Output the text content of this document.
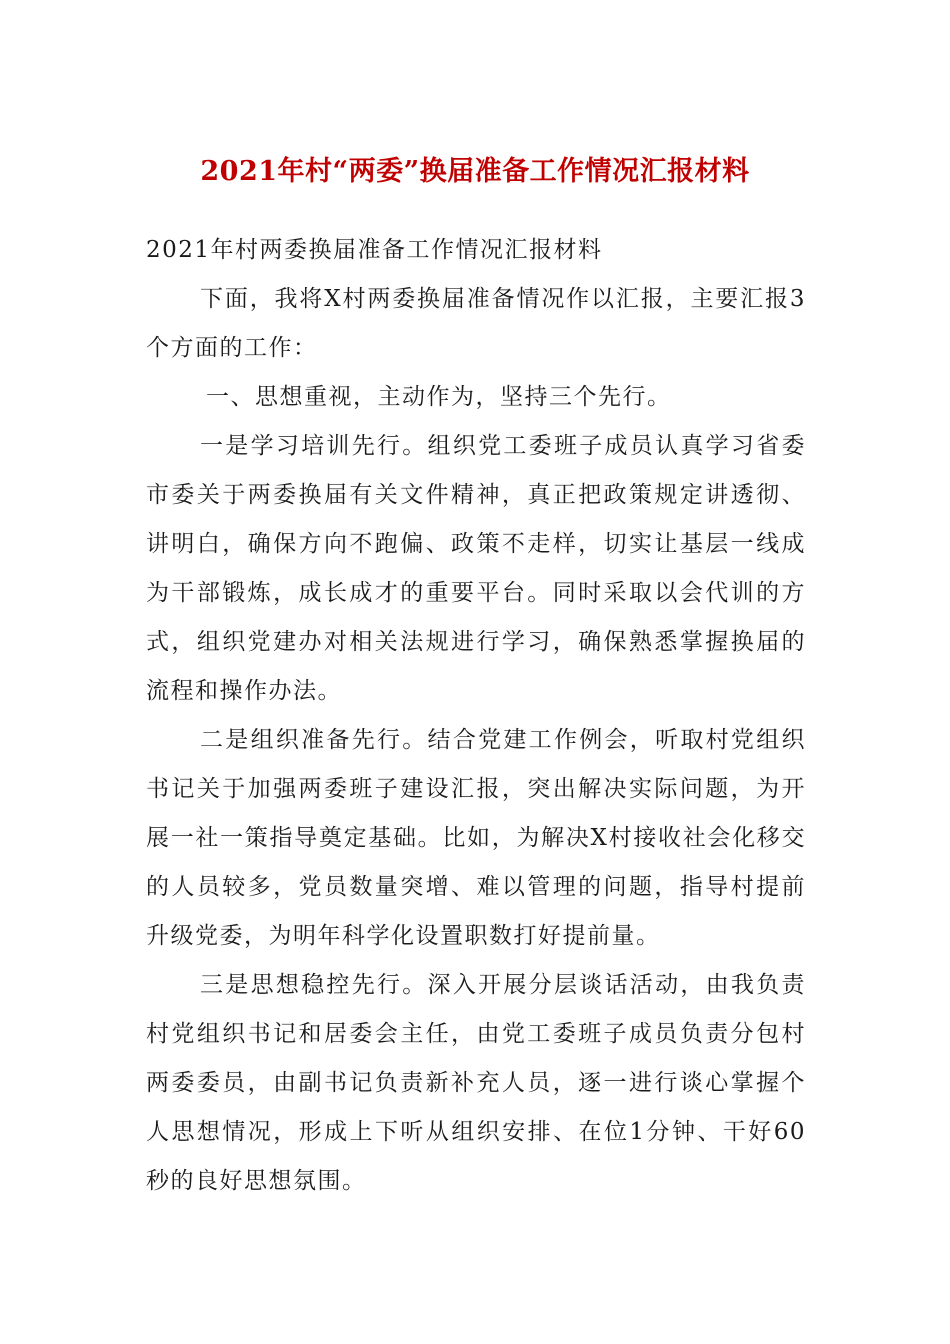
2021年村“两委”换届准备工作情况汇报材料

2021年村两委换届准备工作情况汇报材料

下面，我将X村两委换届准备情况作以汇报，主要汇报3个方面的工作：

一、思想重视，主动作为，坚持三个先行。

一是学习培训先行。组织党工委班子成员认真学习省委市委关于两委换届有关文件精神，真正把政策规定讲透彻、讲明白，确保方向不跑偏、政策不走样，切实让基层一线成为干部锻炼，成长成才的重要平台。同时采取以会代训的方式，组织党建办对相关法规进行学习，确保熟悉掌握换届的流程和操作办法。

二是组织准备先行。结合党建工作例会，听取村党组织书记关于加强两委班子建设汇报，突出解决实际问题，为开展一社一策指导奠定基础。比如，为解决X村接收社会化移交的人员较多，党员数量突增、难以管理的问题，指导村提前升级党委，为明年科学化设置职数打好提前量。

三是思想稳控先行。深入开展分层谈话活动，由我负责村党组织书记和居委会主任，由党工委班子成员负责分包村两委委员，由副书记负责新补充人员，逐一进行谈心掌握个人思想情况，形成上下听从组织安排、在位1分钟、干好60秒的良好思想氛围。
